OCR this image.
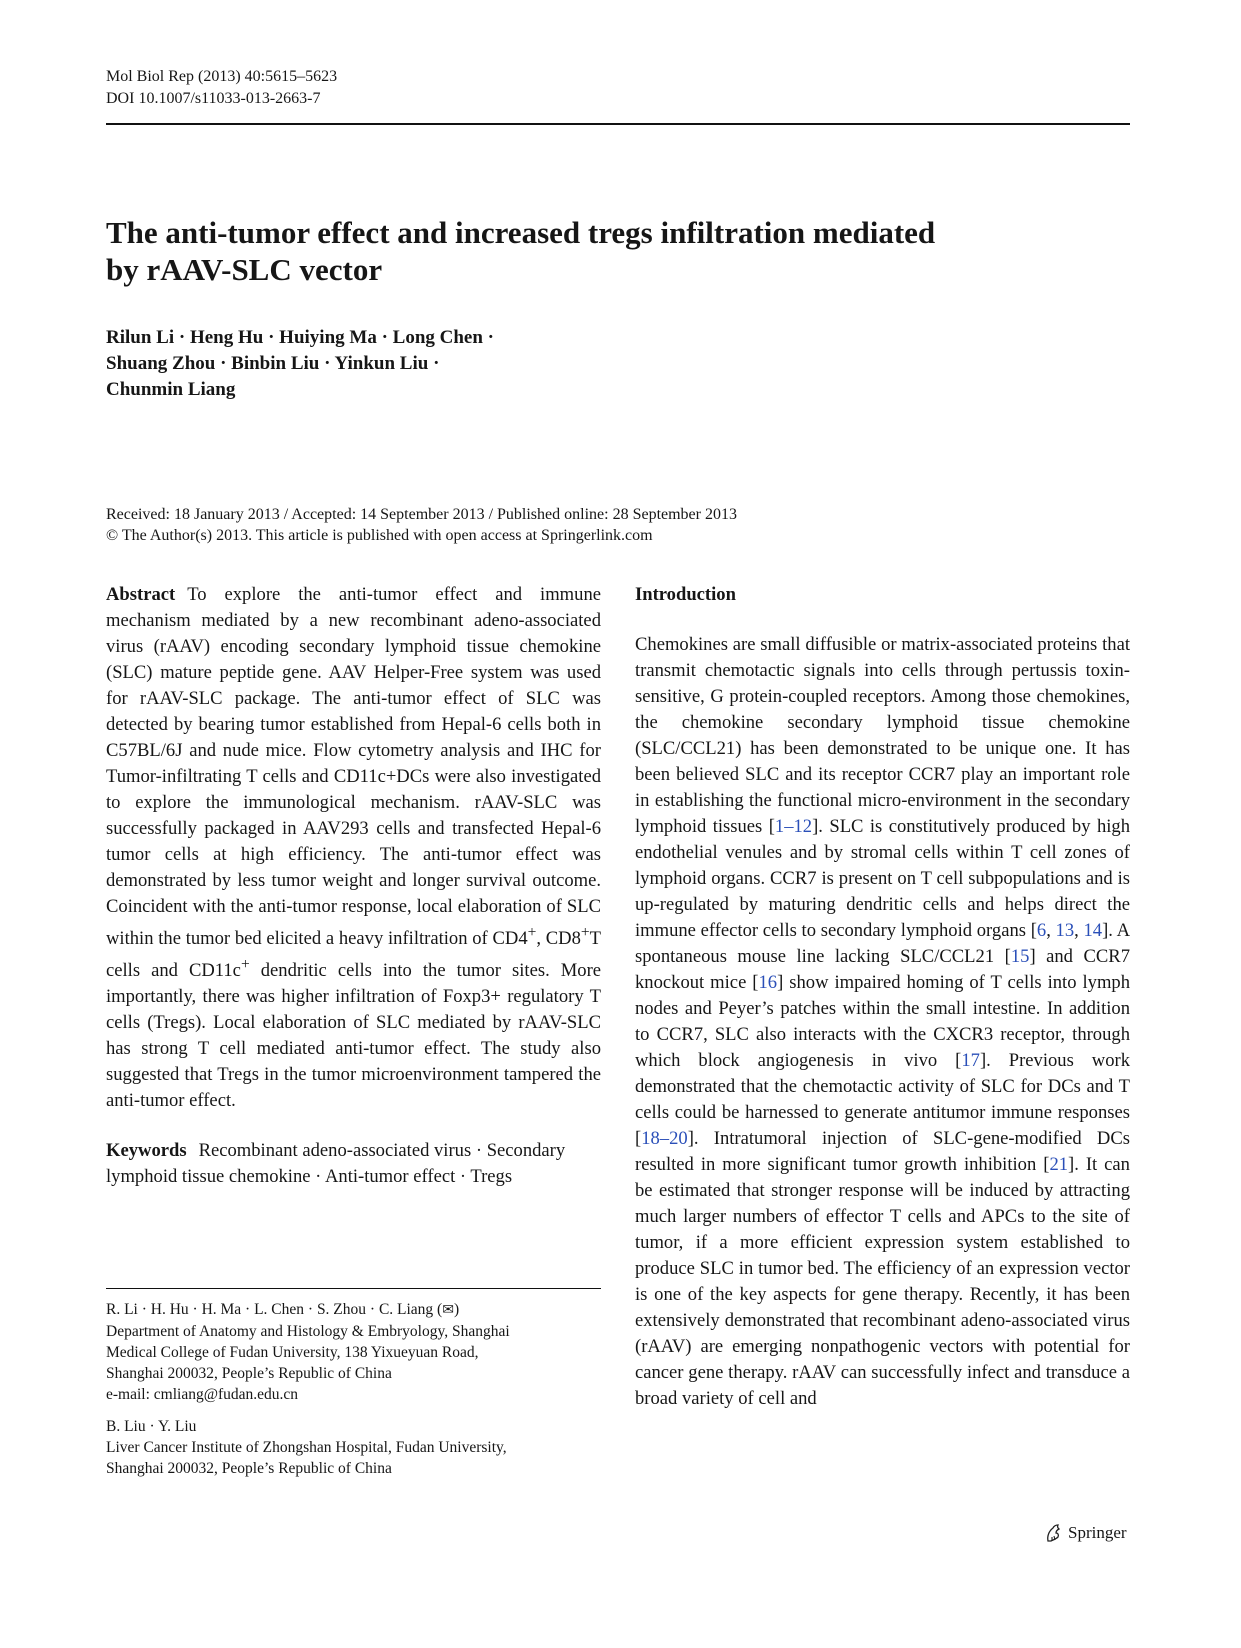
Mol Biol Rep (2013) 40:5615–5623
DOI 10.1007/s11033-013-2663-7
The anti-tumor effect and increased tregs infiltration mediated
by rAAV-SLC vector
Rilun Li · Heng Hu · Huiying Ma · Long Chen ·
Shuang Zhou · Binbin Liu · Yinkun Liu ·
Chunmin Liang
Received: 18 January 2013 / Accepted: 14 September 2013 / Published online: 28 September 2013
© The Author(s) 2013. This article is published with open access at Springerlink.com

Abstract To explore the anti-tumor effect and immune mechanism mediated by a new recombinant adeno-associated virus (rAAV) encoding secondary lymphoid tissue chemokine (SLC) mature peptide gene. AAV Helper-Free system was used for rAAV-SLC package. The anti-tumor effect of SLC was detected by bearing tumor established from Hepal-6 cells both in C57BL/6J and nude mice. Flow cytometry analysis and IHC for Tumor-infiltrating T cells and CD11c+DCs were also investigated to explore the immunological mechanism. rAAV-SLC was successfully packaged in AAV293 cells and transfected Hepal-6 tumor cells at high efficiency. The anti-tumor effect was demonstrated by less tumor weight and longer survival outcome. Coincident with the anti-tumor response, local elaboration of SLC within the tumor bed elicited a heavy infiltration of CD4+, CD8+T cells and CD11c+ dendritic cells into the tumor sites. More importantly, there was higher infiltration of Foxp3+ regulatory T cells (Tregs). Local elaboration of SLC mediated by rAAV-SLC has strong T cell mediated anti-tumor effect. The study also suggested that Tregs in the tumor microenvironment tampered the anti-tumor effect.

Keywords Recombinant adeno-associated virus · Secondary lymphoid tissue chemokine · Anti-tumor effect · Tregs

R. Li · H. Hu · H. Ma · L. Chen · S. Zhou · C. Liang (✉)

Department of Anatomy and Histology & Embryology, Shanghai

Medical College of Fudan University, 138 Yixueyuan Road,

Shanghai 200032, People’s Republic of China

e-mail: cmliang@fudan.edu.cn

B. Liu · Y. Liu

Liver Cancer Institute of Zhongshan Hospital, Fudan University,

Shanghai 200032, People’s Republic of China

Introduction

Chemokines are small diffusible or matrix-associated proteins that transmit chemotactic signals into cells through pertussis toxin-sensitive, G protein-coupled receptors. Among those chemokines, the chemokine secondary lymphoid tissue chemokine (SLC/CCL21) has been demonstrated to be unique one. It has been believed SLC and its receptor CCR7 play an important role in establishing the functional micro-environment in the secondary lymphoid tissues [1–12]. SLC is constitutively produced by high endothelial venules and by stromal cells within T cell zones of lymphoid organs. CCR7 is present on T cell subpopulations and is up-regulated by maturing dendritic cells and helps direct the immune effector cells to secondary lymphoid organs [6, 13, 14]. A spontaneous mouse line lacking SLC/CCL21 [15] and CCR7 knockout mice [16] show impaired homing of T cells into lymph nodes and Peyer’s patches within the small intestine. In addition to CCR7, SLC also interacts with the CXCR3 receptor, through which block angiogenesis in vivo [17]. Previous work demonstrated that the chemotactic activity of SLC for DCs and T cells could be harnessed to generate antitumor immune responses [18–20]. Intratumoral injection of SLC-gene-modified DCs resulted in more significant tumor growth inhibition [21]. It can be estimated that stronger response will be induced by attracting much larger numbers of effector T cells and APCs to the site of tumor, if a more efficient expression system established to produce SLC in tumor bed. The efficiency of an expression vector is one of the key aspects for gene therapy. Recently, it has been extensively demonstrated that recombinant adeno-associated virus (rAAV) are emerging nonpathogenic vectors with potential for cancer gene therapy. rAAV can successfully infect and transduce a broad variety of cell and

Springer
